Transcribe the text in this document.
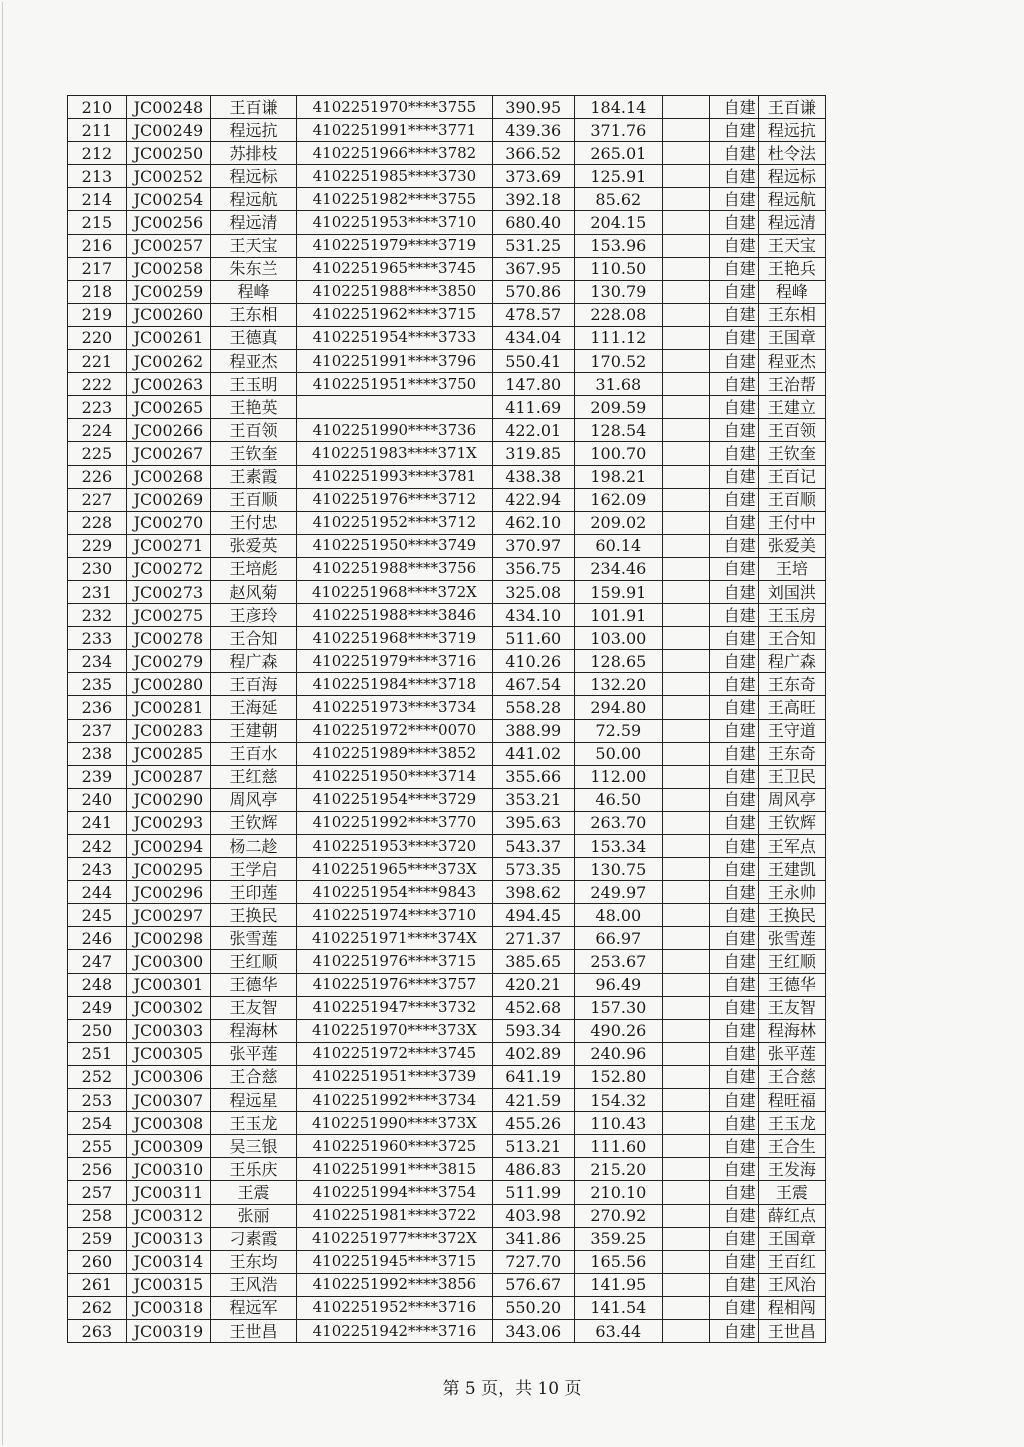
210	JC00248	王百谦	4102251970****3755	390.95	184.14		自建	王百谦
211	JC00249	程远抗	4102251991****3771	439.36	371.76		自建	程远抗
212	JC00250	苏排枝	4102251966****3782	366.52	265.01		自建	杜令法
213	JC00252	程远标	4102251985****3730	373.69	125.91		自建	程远标
214	JC00254	程远航	4102251982****3755	392.18	85.62		自建	程远航
215	JC00256	程远清	4102251953****3710	680.40	204.15		自建	程远清
216	JC00257	王天宝	4102251979****3719	531.25	153.96		自建	王天宝
217	JC00258	朱东兰	4102251965****3745	367.95	110.50		自建	王艳兵
218	JC00259	程峰	4102251988****3850	570.86	130.79		自建	程峰
219	JC00260	王东相	4102251962****3715	478.57	228.08		自建	王东相
220	JC00261	王德真	4102251954****3733	434.04	111.12		自建	王国章
221	JC00262	程亚杰	4102251991****3796	550.41	170.52		自建	程亚杰
222	JC00263	王玉明	4102251951****3750	147.80	31.68		自建	王治帮
223	JC00265	王艳英		411.69	209.59		自建	王建立
224	JC00266	王百领	4102251990****3736	422.01	128.54		自建	王百领
225	JC00267	王钦奎	4102251983****371X	319.85	100.70		自建	王钦奎
226	JC00268	王素霞	4102251993****3781	438.38	198.21		自建	王百记
227	JC00269	王百顺	4102251976****3712	422.94	162.09		自建	王百顺
228	JC00270	王付忠	4102251952****3712	462.10	209.02		自建	王付中
229	JC00271	张爱英	4102251950****3749	370.97	60.14		自建	张爱美
230	JC00272	王培彪	4102251988****3756	356.75	234.46		自建	王培
231	JC00273	赵风菊	4102251968****372X	325.08	159.91		自建	刘国洪
232	JC00275	王彦玲	4102251988****3846	434.10	101.91		自建	王玉房
233	JC00278	王合知	4102251968****3719	511.60	103.00		自建	王合知
234	JC00279	程广森	4102251979****3716	410.26	128.65		自建	程广森
235	JC00280	王百海	4102251984****3718	467.54	132.20		自建	王东奇
236	JC00281	王海延	4102251973****3734	558.28	294.80		自建	王高旺
237	JC00283	王建朝	4102251972****0070	388.99	72.59		自建	王守道
238	JC00285	王百水	4102251989****3852	441.02	50.00		自建	王东奇
239	JC00287	王红慈	4102251950****3714	355.66	112.00		自建	王卫民
240	JC00290	周风亭	4102251954****3729	353.21	46.50		自建	周风亭
241	JC00293	王钦辉	4102251992****3770	395.63	263.70		自建	王钦辉
242	JC00294	杨二趁	4102251953****3720	543.37	153.34		自建	王军点
243	JC00295	王学启	4102251965****373X	573.35	130.75		自建	王建凯
244	JC00296	王印莲	4102251954****9843	398.62	249.97		自建	王永帅
245	JC00297	王换民	4102251974****3710	494.45	48.00		自建	王换民
246	JC00298	张雪莲	4102251971****374X	271.37	66.97		自建	张雪莲
247	JC00300	王红顺	4102251976****3715	385.65	253.67		自建	王红顺
248	JC00301	王德华	4102251976****3757	420.21	96.49		自建	王德华
249	JC00302	王友智	4102251947****3732	452.68	157.30		自建	王友智
250	JC00303	程海林	4102251970****373X	593.34	490.26		自建	程海林
251	JC00305	张平莲	4102251972****3745	402.89	240.96		自建	张平莲
252	JC00306	王合慈	4102251951****3739	641.19	152.80		自建	王合慈
253	JC00307	程远星	4102251992****3734	421.59	154.32		自建	程旺福
254	JC00308	王玉龙	4102251990****373X	455.26	110.43		自建	王玉龙
255	JC00309	吴三银	4102251960****3725	513.21	111.60		自建	王合生
256	JC00310	王乐庆	4102251991****3815	486.83	215.20		自建	王发海
257	JC00311	王震	4102251994****3754	511.99	210.10		自建	王震
258	JC00312	张丽	4102251981****3722	403.98	270.92		自建	薛红点
259	JC00313	刁素霞	4102251977****372X	341.86	359.25		自建	王国章
260	JC00314	王东均	4102251945****3715	727.70	165.56		自建	王百红
261	JC00315	王风浩	4102251992****3856	576.67	141.95		自建	王风治
262	JC00318	程远军	4102251952****3716	550.20	141.54		自建	程相闯
263	JC00319	王世昌	4102251942****3716	343.06	63.44		自建	王世昌
第 5 页，共 10 页
